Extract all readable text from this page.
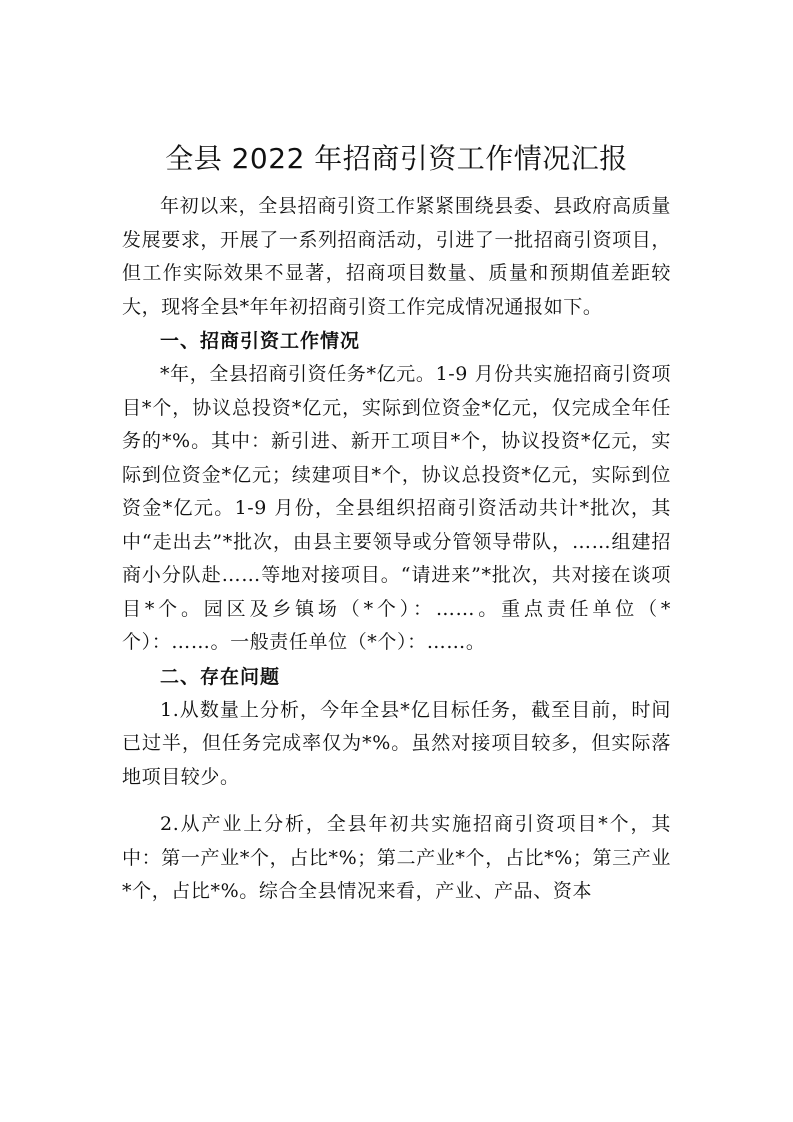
全县 2022 年招商引资工作情况汇报

年初以来，全县招商引资工作紧紧围绕县委、县政府高质量发展要求，开展了一系列招商活动，引进了一批招商引资项目，但工作实际效果不显著，招商项目数量、质量和预期值差距较大，现将全县*年年初招商引资工作完成情况通报如下。

一、招商引资工作情况

*年，全县招商引资任务*亿元。1-9 月份共实施招商引资项目*个，协议总投资*亿元，实际到位资金*亿元，仅完成全年任务的*%。其中：新引进、新开工项目*个，协议投资*亿元，实际到位资金*亿元；续建项目*个，协议总投资*亿元，实际到位资金*亿元。1-9 月份，全县组织招商引资活动共计*批次，其中“走出去”*批次，由县主要领导或分管领导带队，……组建招商小分队赴……等地对接项目。“请进来”*批次，共对接在谈项目*个。园区及乡镇场（*个）：……。重点责任单位（*个）：……。一般责任单位（*个）：……。

二、存在问题

1.从数量上分析，今年全县*亿目标任务，截至目前，时间已过半，但任务完成率仅为*%。虽然对接项目较多，但实际落地项目较少。

2.从产业上分析，全县年初共实施招商引资项目*个，其中：第一产业*个，占比*%；第二产业*个，占比*%；第三产业*个，占比*%。综合全县情况来看，产业、产品、资本
